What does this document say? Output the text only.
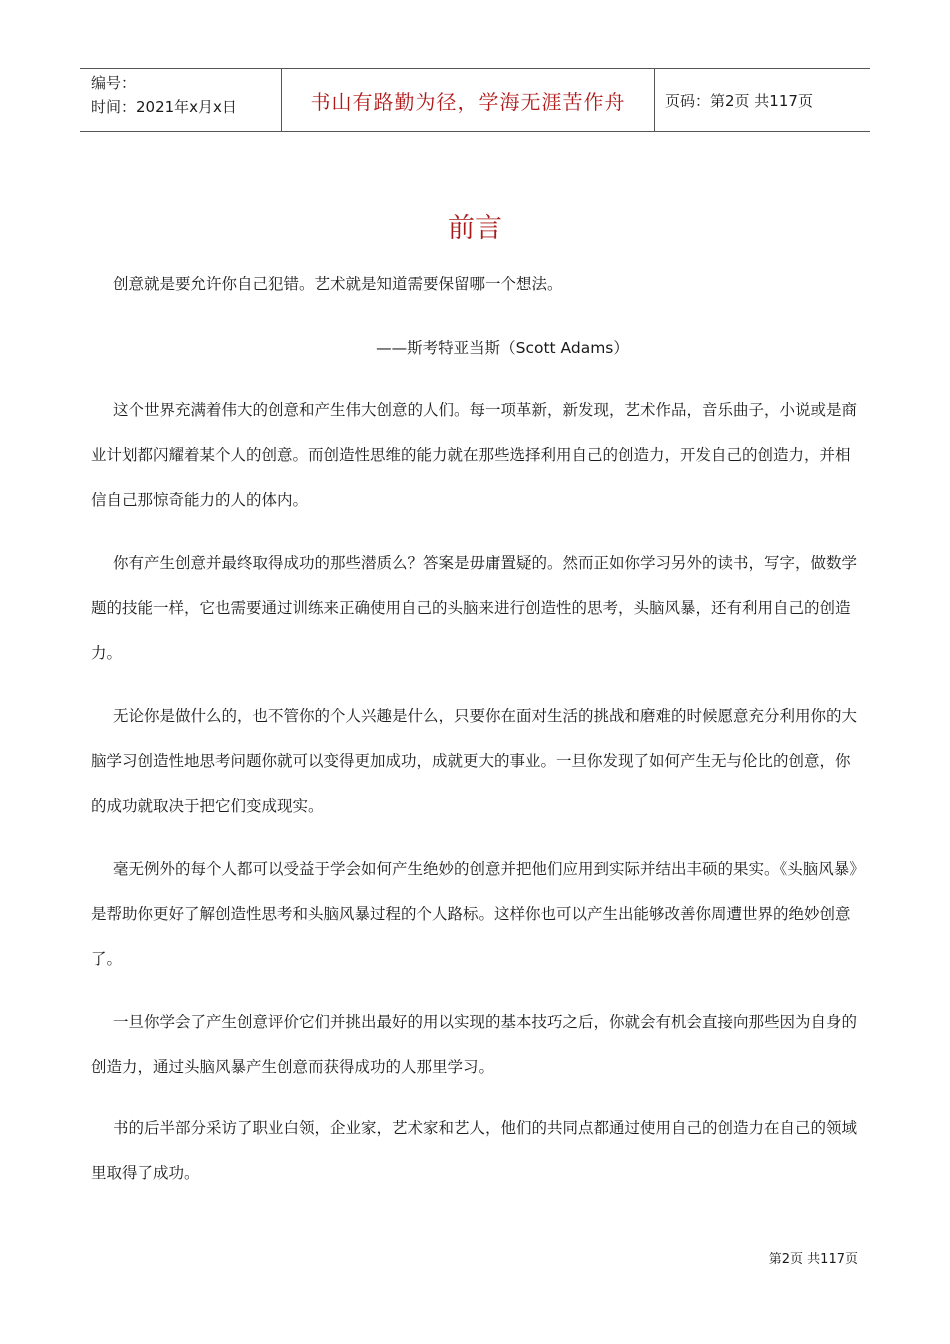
编号：
时间：2021年x月x日	书山有路勤为径，学海无涯苦作舟	页码：第2页 共117页
前言

创意就是要允许你自己犯错。艺术就是知道需要保留哪一个想法。

——斯考特亚当斯（Scott Adams）

这个世界充满着伟大的创意和产生伟大创意的人们。每一项革新，新发现，艺术作品，音乐曲子，小说或是商业计划都闪耀着某个人的创意。而创造性思维的能力就在那些选择利用自己的创造力，开发自己的创造力，并相信自己那惊奇能力的人的体内。

你有产生创意并最终取得成功的那些潜质么？答案是毋庸置疑的。然而正如你学习另外的读书，写字，做数学题的技能一样，它也需要通过训练来正确使用自己的头脑来进行创造性的思考，头脑风暴，还有利用自己的创造力。

无论你是做什么的，也不管你的个人兴趣是什么，只要你在面对生活的挑战和磨难的时候愿意充分利用你的大脑学习创造性地思考问题你就可以变得更加成功，成就更大的事业。一旦你发现了如何产生无与伦比的创意，你的成功就取决于把它们变成现实。

毫无例外的每个人都可以受益于学会如何产生绝妙的创意并把他们应用到实际并结出丰硕的果实。《头脑风暴》是帮助你更好了解创造性思考和头脑风暴过程的个人路标。这样你也可以产生出能够改善你周遭世界的绝妙创意了。

一旦你学会了产生创意评价它们并挑出最好的用以实现的基本技巧之后，你就会有机会直接向那些因为自身的创造力，通过头脑风暴产生创意而获得成功的人那里学习。

书的后半部分采访了职业白领，企业家，艺术家和艺人，他们的共同点都通过使用自己的创造力在自己的领域里取得了成功。

第2页 共117页
